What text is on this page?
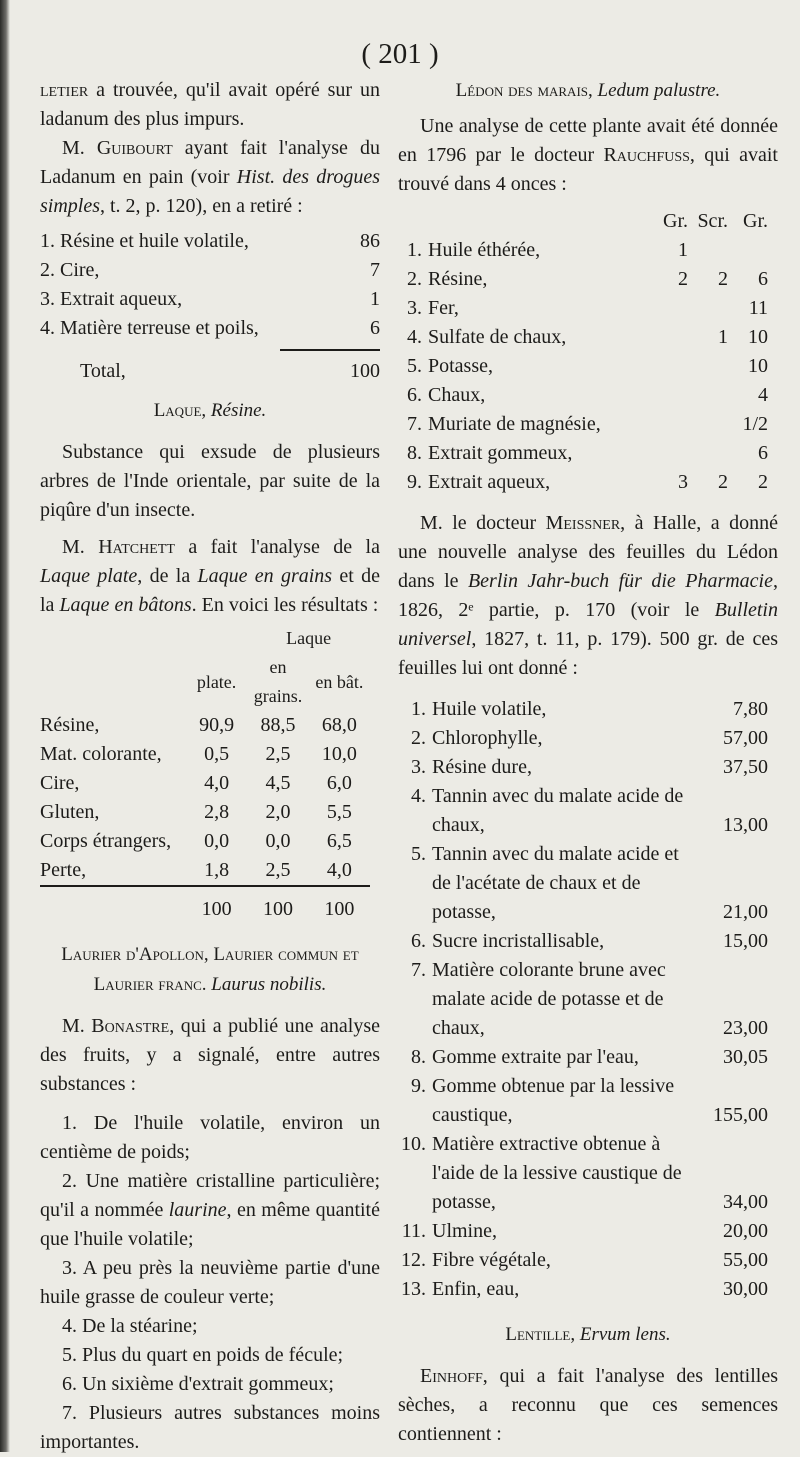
( 201 )

letier a trouvée, qu'il avait opéré sur un ladanum des plus impurs.

M. Guibourt ayant fait l'analyse du Ladanum en pain (voir Hist. des drogues simples, t. 2, p. 120), en a retiré :

1. Résine et huile volatile,	86
2. Cire,	7
3. Extrait aqueux,	1
4. Matière terreuse et poils,	6
Total,	100
Laque, Résine.

Substance qui exsude de plusieurs arbres de l'Inde orientale, par suite de la piqûre d'un insecte.

M. Hatchett a fait l'analyse de la Laque plate, de la Laque en grains et de la Laque en bâtons. En voici les résultats :

		Laque	
	plate.	en grains.	en bât.
Résine,	90,9	88,5	68,0
Mat. colorante,	0,5	2,5	10,0
Cire,	4,0	4,5	6,0
Gluten,	2,8	2,0	5,5
Corps étrangers,	0,0	0,0	6,5
Perte,	1,8	2,5	4,0

	100	100	100
Laurier d'Apollon, Laurier commun et Laurier franc. Laurus nobilis.

M. Bonastre, qui a publié une analyse des fruits, y a signalé, entre autres substances :

1. De l'huile volatile, environ un centième de poids;

2. Une matière cristalline particulière; qu'il a nommée laurine, en même quantité que l'huile volatile;

3. A peu près la neuvième partie d'une huile grasse de couleur verte;

4. De la stéarine;

5. Plus du quart en poids de fécule;

6. Un sixième d'extrait gommeux;

7. Plusieurs autres substances moins importantes.

Lédon des marais, Ledum palustre.

Une analyse de cette plante avait été donnée en 1796 par le docteur Rauchfuss, qui avait trouvé dans 4 onces :

		Gr.	Scr.	Gr.
1.	Huile éthérée,	1		
2.	Résine,	2	2	6
3.	Fer,			11
4.	Sulfate de chaux,		1	10
5.	Potasse,			10
6.	Chaux,			4
7.	Muriate de magnésie,			1/2
8.	Extrait gommeux,			6
9.	Extrait aqueux,	3	2	2

M. le docteur Meissner, à Halle, a donné une nouvelle analyse des feuilles du Lédon dans le Berlin Jahr-buch für die Pharmacie, 1826, 2ᵉ partie, p. 170 (voir le Bulletin universel, 1827, t. 11, p. 179). 500 gr. de ces feuilles lui ont donné :

1.	Huile volatile,	7,80
2.	Chlorophylle,	57,00
3.	Résine dure,	37,50
4.	Tannin avec du malate acide de chaux,	13,00
5.	Tannin avec du malate acide et de l'acétate de chaux et de potasse,	21,00
6.	Sucre incristallisable,	15,00
7.	Matière colorante brune avec malate acide de potasse et de chaux,	23,00
8.	Gomme extraite par l'eau,	30,05
9.	Gomme obtenue par la lessive caustique,	155,00
10.	Matière extractive obtenue à l'aide de la lessive caustique de potasse,	34,00
11.	Ulmine,	20,00
12.	Fibre végétale,	55,00
13.	Enfin, eau,	30,00
Lentille, Ervum lens.

Einhoff, qui a fait l'analyse des lentilles sèches, a reconnu que ces semences contiennent :
